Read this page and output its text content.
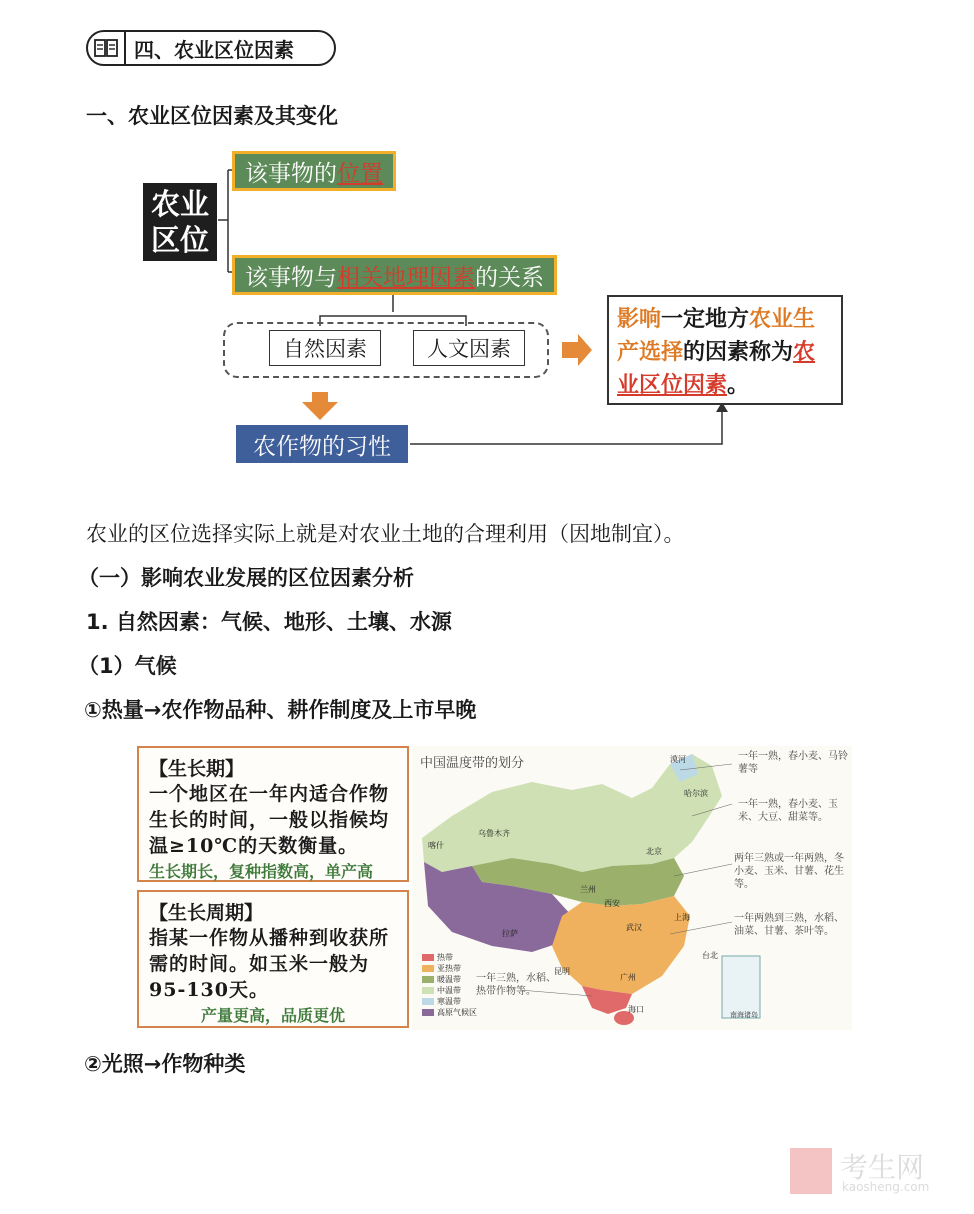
四、农业区位因素
一、农业区位因素及其变化
农业区位
该事物的 位置
该事物与 相关地理因素 的关系
自然因素	人文因素
影响一定地方农业生产选择的因素称为农业区位因素。
农作物的习性
农业的区位选择实际上就是对农业土地的合理利用（因地制宜）。
（一）影响农业发展的区位因素分析
1. 自然因素：气候、地形、土壤、水源
（1）气候
①热量→农作物品种、耕作制度及上市早晚
【生长期】
一个地区在一年内适合作物生长的时间，一般以指候均温≥10℃的天数衡量。
生长期长，复种指数高，单产高
【生长周期】
指某一作物从播种到收获所需的时间。如玉米一般为95-130天。
产量更高，品质更优
中国温度带的划分	漠河
哈尔滨
乌鲁木齐
北京
兰州
西安
拉萨
武汉
上海
昆明
广州
台北
海口
喀什
热带
亚热带
暖温带
中温带
寒温带
高原气候区
一年一熟，春小麦、马铃薯等
一年一熟，春小麦、玉米、大豆、甜菜等。
两年三熟或一年两熟，冬小麦、玉米、甘薯、花生等。
一年两熟到三熟，水稻、油菜、甘薯、茶叶等。
一年三熟，水稻、热带作物等。
南海诸岛
②光照→作物种类
考生网
kaosheng.com
